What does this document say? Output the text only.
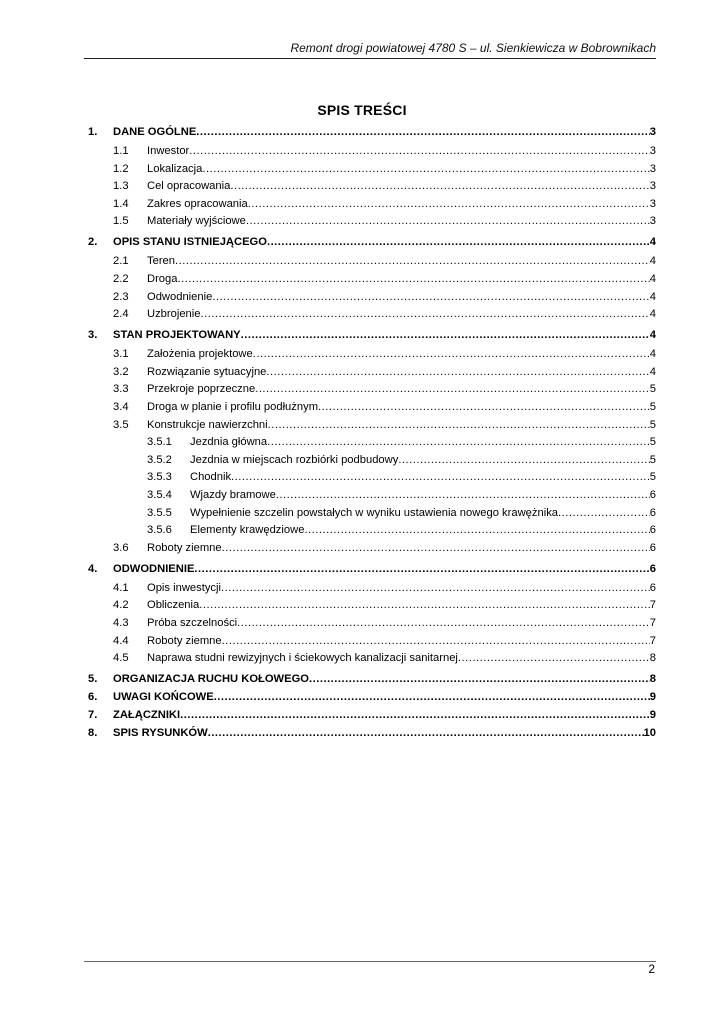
Remont drogi powiatowej 4780 S – ul. Sienkiewicza w Bobrownikach
SPIS TREŚCI
1. DANE OGÓLNE . . .	3
1.1 Inwestor . . .	3
1.2 Lokalizacja . . .	3
1.3 Cel opracowania . . .	3
1.4 Zakres opracowania . . .	3
1.5 Materiały wyjściowe . . .	3
2. OPIS STANU ISTNIEJĄCEGO . . .	4
2.1 Teren . . .	4
2.2 Droga . . .	4
2.3 Odwodnienie . . .	4
2.4 Uzbrojenie . . .	4
3. STAN PROJEKTOWANY . . .	4
3.1 Założenia projektowe . . .	4
3.2 Rozwiązanie sytuacyjne . . .	4
3.3 Przekroje poprzeczne . . .	5
3.4 Droga w planie i profilu podłużnym . . .	5
3.5 Konstrukcje nawierzchni . . .	5
3.5.1 Jezdnia główna . . .	5
3.5.2 Jezdnia w miejscach rozbiórki podbudowy . . .	5
3.5.3 Chodnik . . .	5
3.5.4 Wjazdy bramowe . . .	6
3.5.5 Wypełnienie szczelin powstałych w wyniku ustawienia nowego krawężnika . . .	6
3.5.6 Elementy krawędziowe . . .	6
3.6 Roboty ziemne . . .	6
4. ODWODNIENIE . . .	6
4.1 Opis inwestycji . . .	6
4.2 Obliczenia . . .	7
4.3 Próba szczelności . . .	7
4.4 Roboty ziemne . . .	7
4.5 Naprawa studni rewizyjnych i ściekowych kanalizacji sanitarnej . . .	8
5. ORGANIZACJA RUCHU KOŁOWEGO . . .	8
6. UWAGI KOŃCOWE . . .	9
7. ZAŁĄCZNIKI . . .	9
8. SPIS RYSUNKÓW . . .	10
2
